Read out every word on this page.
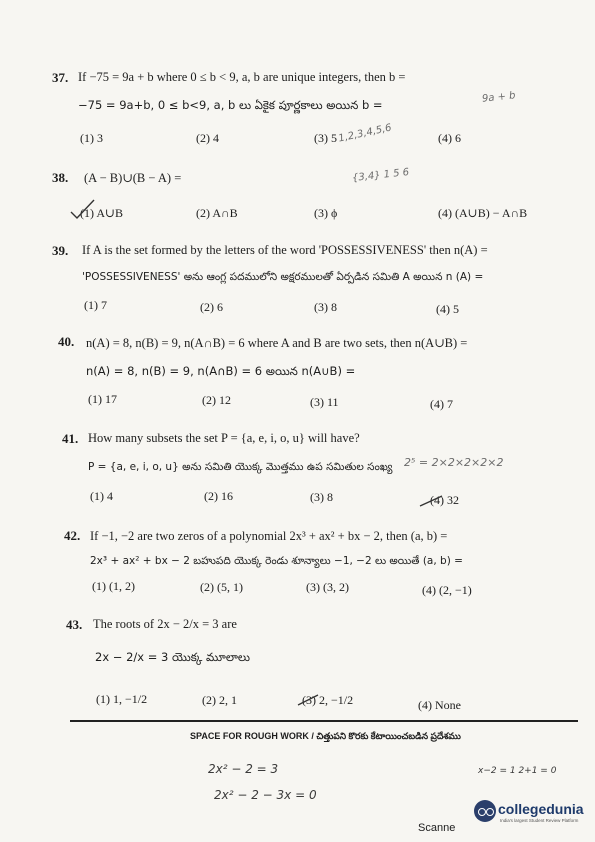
37. If −75 = 9a + b where 0 ≤ b < 9, a, b are unique integers, then b =
−75 = 9a+b, 0 ≤ b<9, a, b లు ఏకైక పూర్ణకాలు అయిన b =
(1) 3	(2) 4	(3) 5	(4) 6
9a + b
1,2,3,4,5,6
38. (A − B)∪(B − A) =	{3,4} 1 5 6
(1) A∪B	(2) A∩B	(3) ϕ	(4) (A∪B) − A∩B
39. If A is the set formed by the letters of the word 'POSSESSIVENESS' then n(A) =
'POSSESSIVENESS' అను ఆంగ్ల పదములోని అక్షరములతో ఏర్పడిన సమితి A అయిన n (A) =
(1) 7	(2) 6	(3) 8	(4) 5
40. n(A) = 8, n(B) = 9, n(A∩B) = 6 where A and B are two sets, then n(A∪B) =
n(A) = 8, n(B) = 9, n(A∩B) = 6 అయిన n(A∪B) =
(1) 17	(2) 12	(3) 11	(4) 7
41. How many subsets the set P = {a, e, i, o, u} will have?
P = {a, e, i, o, u} అను సమితి యొక్క మొత్తము ఉప సమితుల సంఖ్య 2⁵ = 2×2×2×2×2
(1) 4	(2) 16	(3) 8	(4) 32
42. If −1, −2 are two zeros of a polynomial 2x³ + ax² + bx − 2, then (a, b) =
2x³ + ax² + bx − 2 బహుపది యొక్క రెండు శూన్యాలు −1, −2 లు అయితే (a, b) =
(1) (1, 2)	(2) (5, 1)	(3) (3, 2)	(4) (2, −1)
43. The roots of 2x − 2/x = 3 are
2x − 2/x = 3 యొక్క మూలాలు
(1) 1, −1/2	(2) 2, 1	(3) 2, −1/2	(4) None
SPACE FOR ROUGH WORK / చిత్తుపని కొరకు కేటాయించబడిన ప్రదేశము
2x² − 2 = 3
2x² − 2 − 3x = 0
x−2 = 1 2+1 = 0
collegedunia
India's largest Student Review Platform
Scanne
